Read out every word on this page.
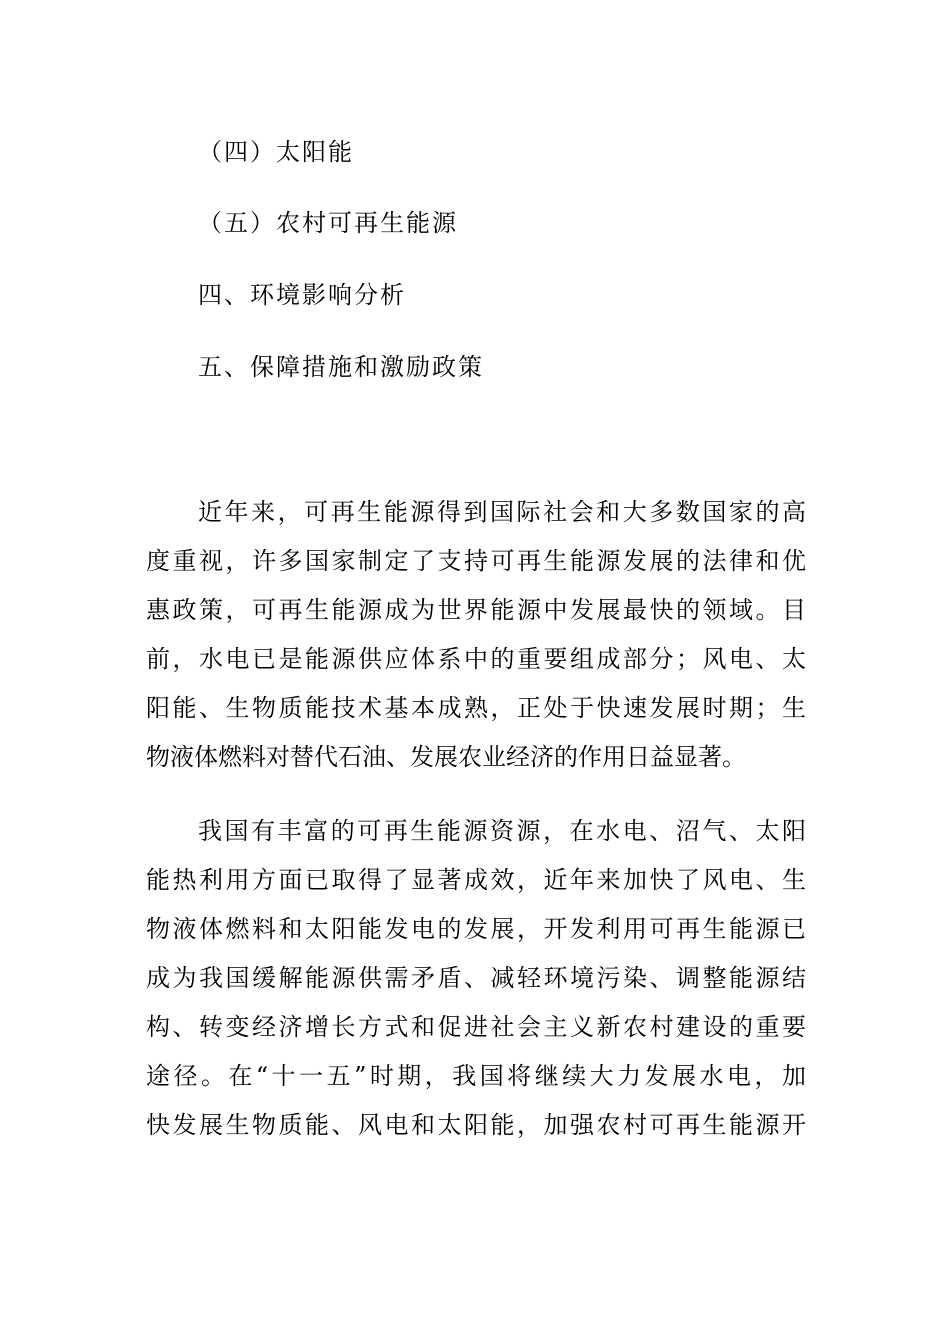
（四）太阳能
（五）农村可再生能源
四、环境影响分析
五、保障措施和激励政策
近年来，可再生能源得到国际社会和大多数国家的高
度重视，许多国家制定了支持可再生能源发展的法律和优
惠政策，可再生能源成为世界能源中发展最快的领域。目
前，水电已是能源供应体系中的重要组成部分；风电、太
阳能、生物质能技术基本成熟，正处于快速发展时期；生
物液体燃料对替代石油、发展农业经济的作用日益显著。
我国有丰富的可再生能源资源，在水电、沼气、太阳
能热利用方面已取得了显著成效，近年来加快了风电、生
物液体燃料和太阳能发电的发展，开发利用可再生能源已
成为我国缓解能源供需矛盾、减轻环境污染、调整能源结
构、转变经济增长方式和促进社会主义新农村建设的重要
途径。在“十一五”时期，我国将继续大力发展水电，加
快发展生物质能、风电和太阳能，加强农村可再生能源开
